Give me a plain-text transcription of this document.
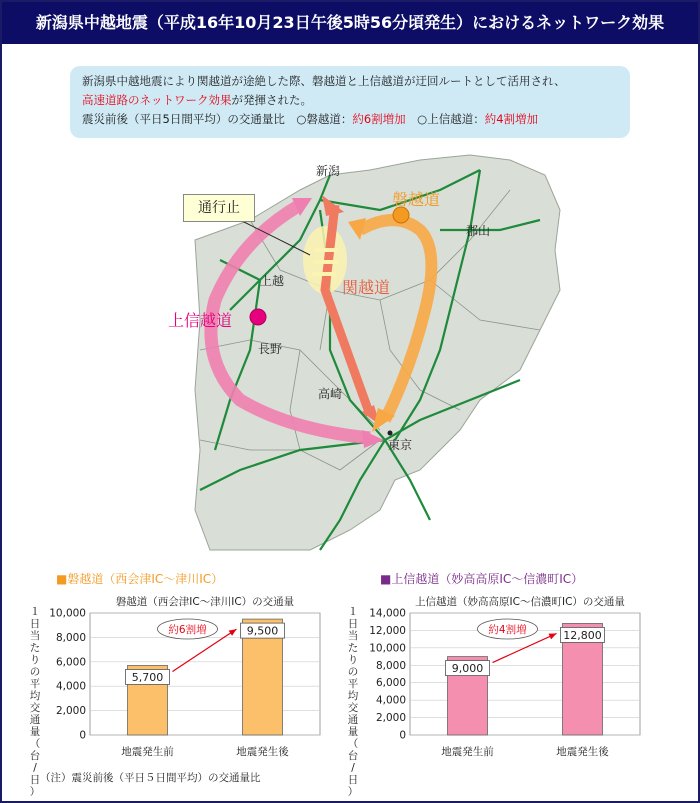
新潟県中越地震（平成16年10月23日午後5時56分頃発生）におけるネットワーク効果
新潟県中越地震により関越道が途絶した際、磐越道と上信越道が迂回ルートとして活用され、
高速道路のネットワーク効果が発揮された。
震災前後（平日5日間平均）の交通量比　○磐越道：約6割増加　○上信越道：約4割増加
通行止
新潟
郡山
上越
長野
高崎
東京
磐越道
関越道
上信越道
■磐越道（西会津IC〜津川IC）	■上信越道（妙高高原IC〜信濃町IC）
磐越道（西会津IC〜津川IC）の交通量	上信越道（妙高高原IC〜信濃町IC）の交通量
１
日
当
た
り
の
平
均
交
通
量
（
台
/
日
）
１
日
当
た
り
の
平
均
交
通
量
（
台
/
日
）
0
2,000
4,000
6,000
8,000
10,000
5,700
地震発生前
9,500
地震発生後
約6割増
0
2,000
4,000
6,000
8,000
10,000
12,000
14,000
9,000
地震発生前
12,800
地震発生後
約4割増
（注）震災前後（平日５日間平均）の交通量比
